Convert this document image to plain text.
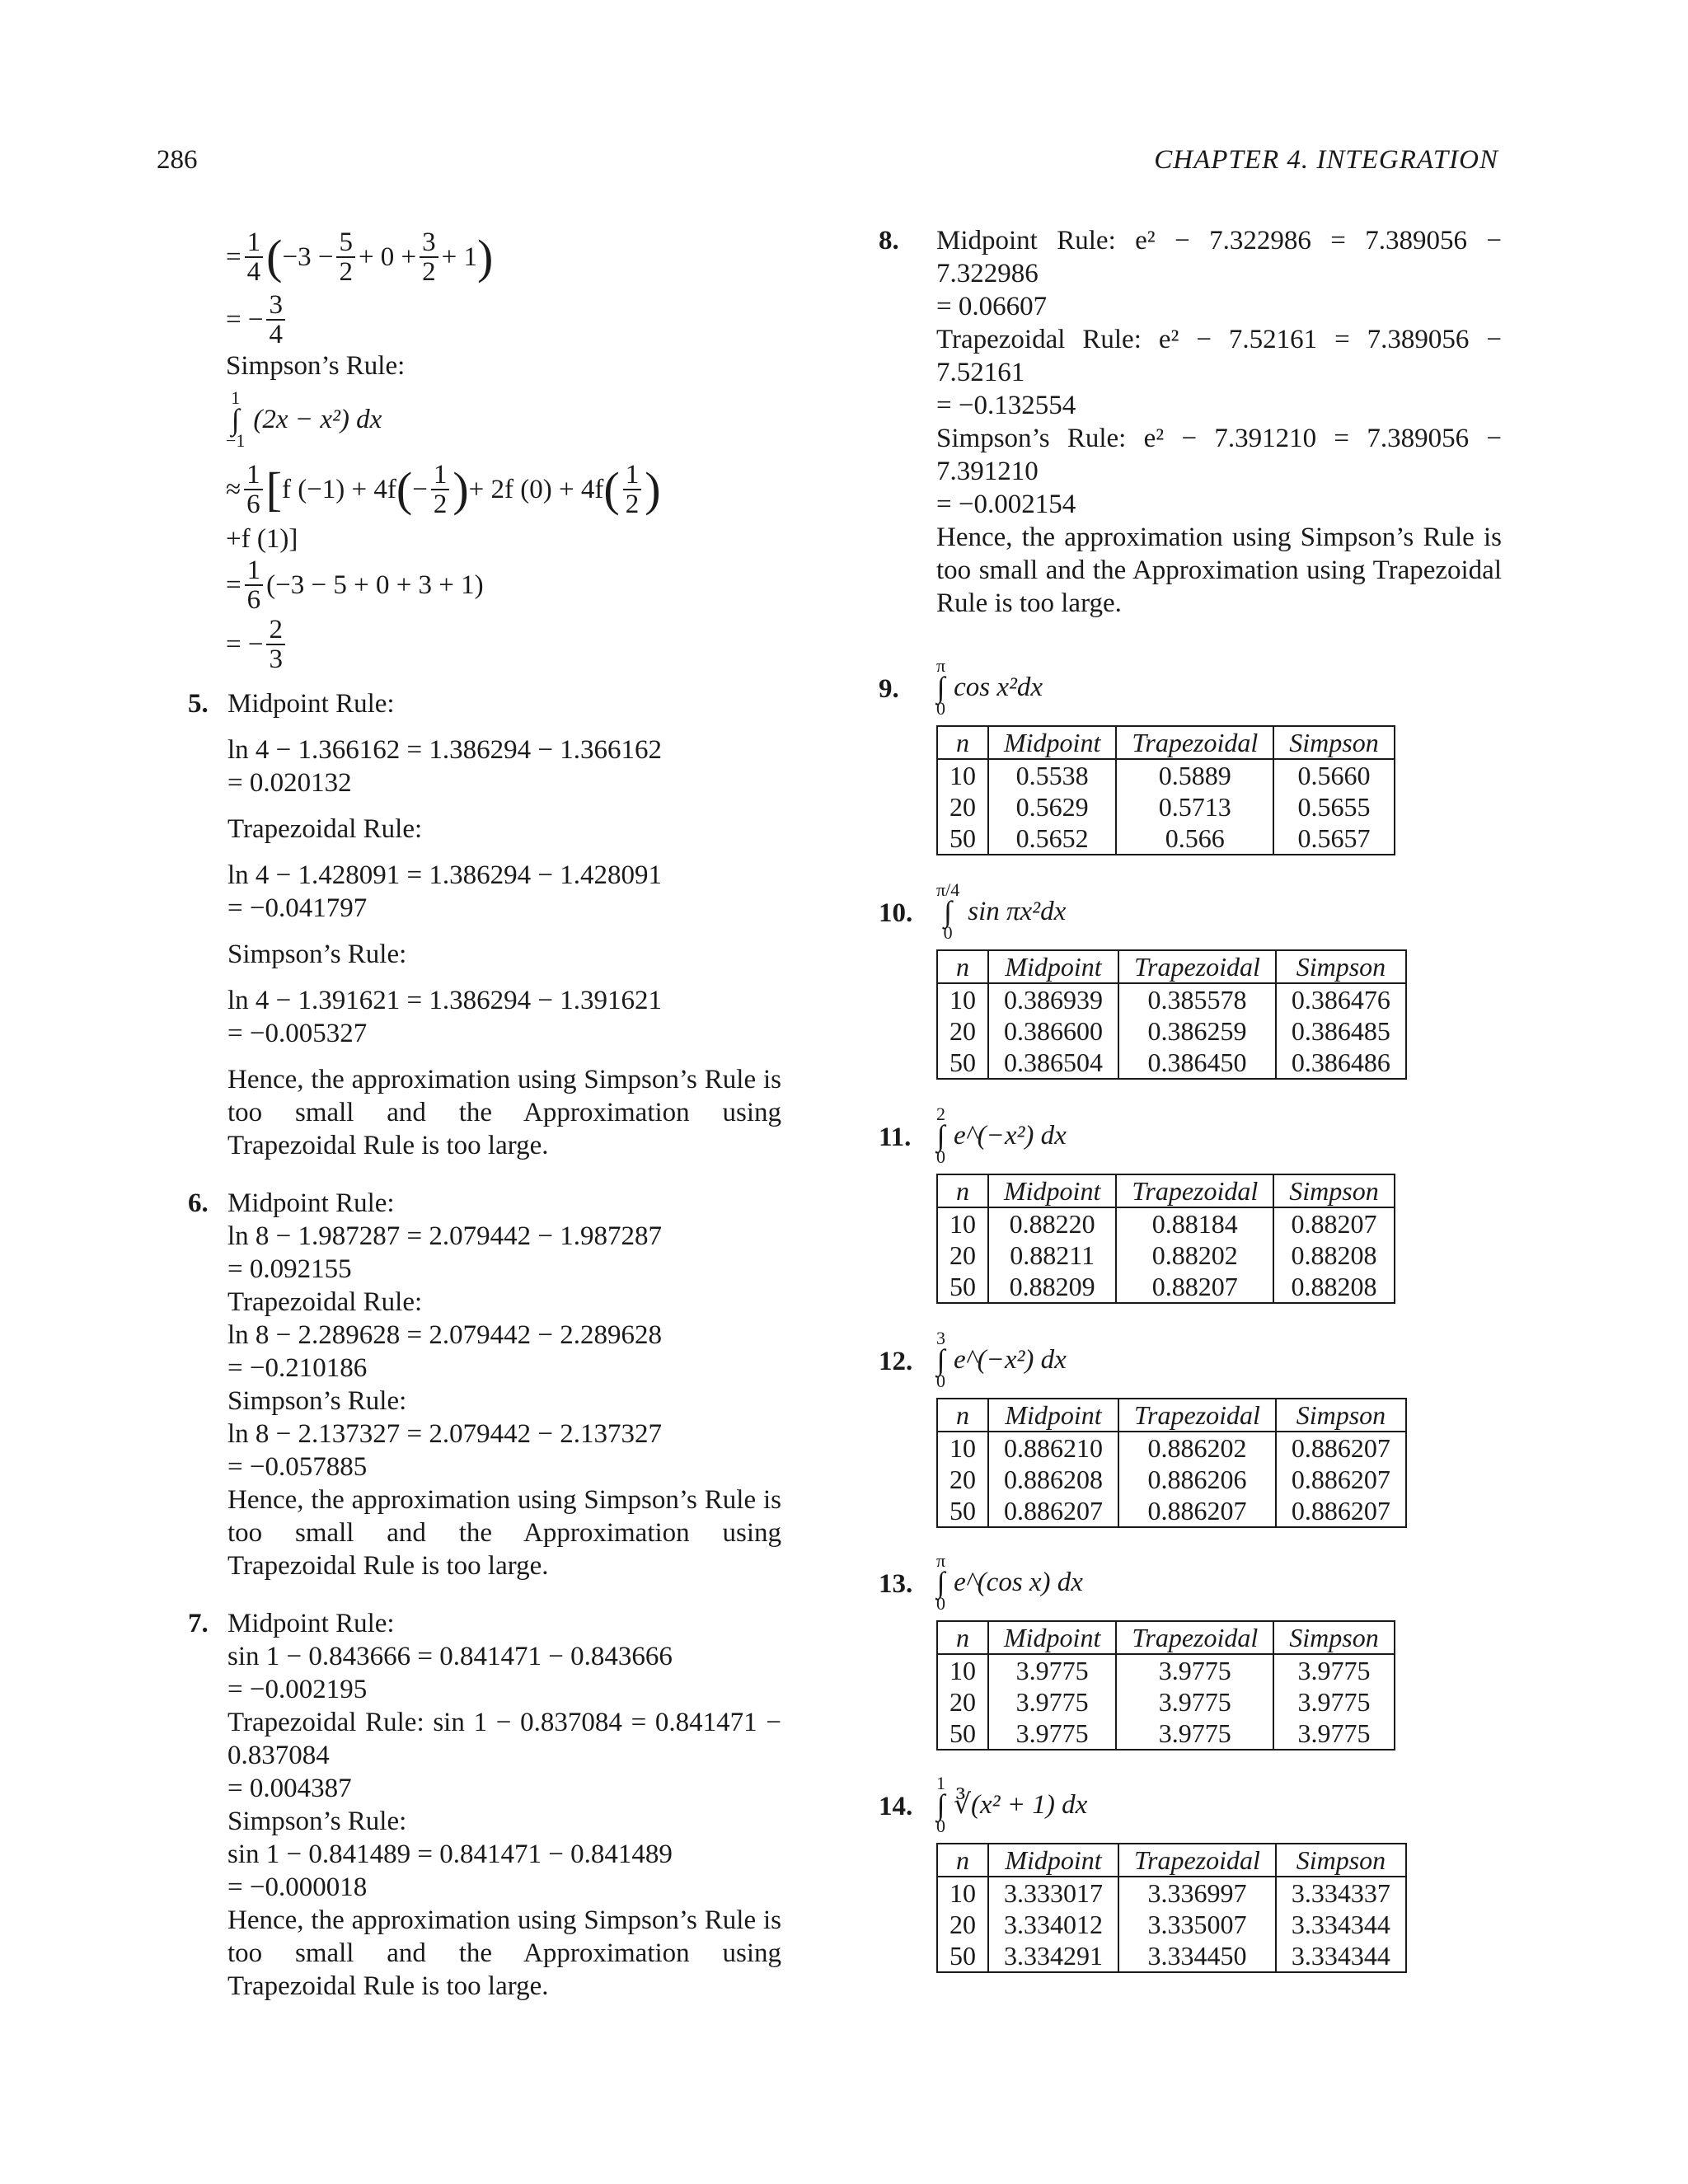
286	CHAPTER 4. INTEGRATION
= $\frac{1}{4}$ ( $-3 - \frac{5}{2} + 0 + \frac{3}{2} + 1$ )
= − $\frac{3}{4}$
Simpson’s Rule:
1
∫
−1
(2x − x²) dx
≈ $\frac{1}{6}$ [ f (−1) + 4f ( − $\frac{1}{2}$ ) + 2f (0) + 4f ( $\frac{1}{2}$ )
+f (1)]
= $\frac{1}{6} (-3 - 5 + 0 + 3 + 1)$
= − $\frac{2}{3}$
5. Midpoint Rule:
ln 4 − 1.366162 = 1.386294 − 1.366162
= 0.020132
Trapezoidal Rule:
ln 4 − 1.428091 = 1.386294 − 1.428091
= −0.041797
Simpson’s Rule:
ln 4 − 1.391621 = 1.386294 − 1.391621
= −0.005327
Hence, the approximation using Simpson’s Rule is too small and the Approximation using Trapezoidal Rule is too large.
6. Midpoint Rule:
ln 8 − 1.987287 = 2.079442 − 1.987287
= 0.092155
Trapezoidal Rule:
ln 8 − 2.289628 = 2.079442 − 2.289628
= −0.210186
Simpson’s Rule:
ln 8 − 2.137327 = 2.079442 − 2.137327
= −0.057885
Hence, the approximation using Simpson’s Rule is too small and the Approximation using Trapezoidal Rule is too large.
7. Midpoint Rule:
sin 1 − 0.843666 = 0.841471 − 0.843666
= −0.002195
Trapezoidal Rule: sin 1 − 0.837084 = 0.841471 − 0.837084
= 0.004387
Simpson’s Rule:
sin 1 − 0.841489 = 0.841471 − 0.841489
= −0.000018
Hence, the approximation using Simpson’s Rule is too small and the Approximation using Trapezoidal Rule is too large.
8. Midpoint Rule: e² − 7.322986 = 7.389056 − 7.322986
= 0.06607
Trapezoidal Rule: e² − 7.52161 = 7.389056 − 7.52161
= −0.132554
Simpson’s Rule: e² − 7.391210 = 7.389056 − 7.391210
= −0.002154
Hence, the approximation using Simpson’s Rule is too small and the Approximation using Trapezoidal Rule is too large.
9.
π
∫
0
cos x²dx
n	Midpoint	Trapezoidal	Simpson
10	0.5538	0.5889	0.5660
20	0.5629	0.5713	0.5655
50	0.5652	0.566	0.5657
10.
π/4
∫
0
sin πx²dx
n	Midpoint	Trapezoidal	Simpson
10	0.386939	0.385578	0.386476
20	0.386600	0.386259	0.386485
50	0.386504	0.386450	0.386486
11.
2
∫
0
e^(−x²) dx
n	Midpoint	Trapezoidal	Simpson
10	0.88220	0.88184	0.88207
20	0.88211	0.88202	0.88208
50	0.88209	0.88207	0.88208
12.
3
∫
0
e^(−x²) dx
n	Midpoint	Trapezoidal	Simpson
10	0.886210	0.886202	0.886207
20	0.886208	0.886206	0.886207
50	0.886207	0.886207	0.886207
13.
π
∫
0
e^(cos x) dx
n	Midpoint	Trapezoidal	Simpson
10	3.9775	3.9775	3.9775
20	3.9775	3.9775	3.9775
50	3.9775	3.9775	3.9775
14.
1
∫
0
∛(x² + 1) dx
n	Midpoint	Trapezoidal	Simpson
10	3.333017	3.336997	3.334337
20	3.334012	3.335007	3.334344
50	3.334291	3.334450	3.334344
